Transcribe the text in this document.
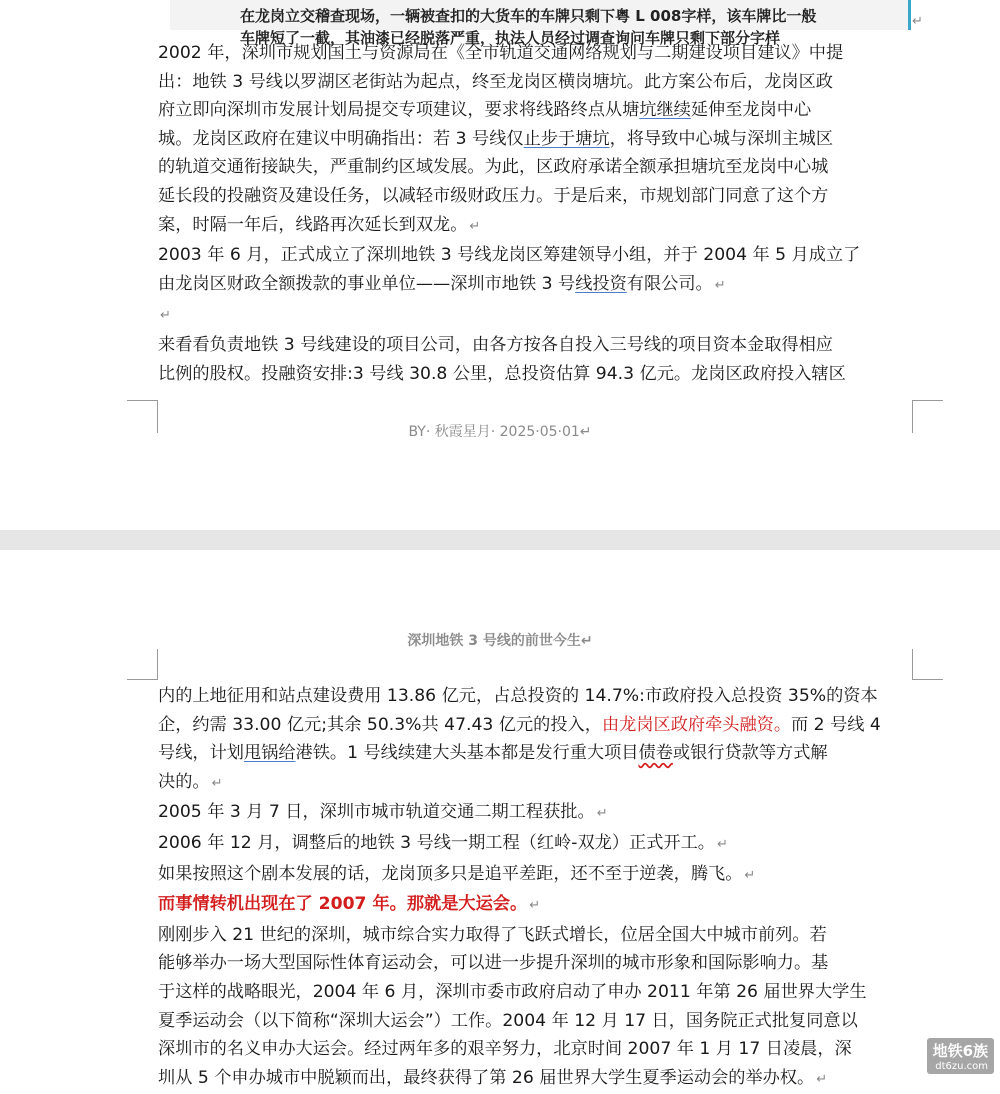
在龙岗立交稽查现场，一辆被查扣的大货车的车牌只剩下粤 L 008字样，该车牌比一般
车牌短了一截，其油漆已经脱落严重，执法人员经过调查询问车牌只剩下部分字样
↵

2002 年，深圳市规划国土与资源局在《全市轨道交通网络规划与二期建设项目建议》中提

出：地铁 3 号线以罗湖区老街站为起点，终至龙岗区横岗塘坑。此方案公布后，龙岗区政

府立即向深圳市发展计划局提交专项建议，要求将线路终点从塘坑继续延伸至龙岗中心

城。龙岗区政府在建议中明确指出：若 3 号线仅止步于塘坑，将导致中心城与深圳主城区

的轨道交通衔接缺失，严重制约区域发展。为此，区政府承诺全额承担塘坑至龙岗中心城

延长段的投融资及建设任务，以减轻市级财政压力。于是后来，市规划部门同意了这个方

案，时隔一年后，线路再次延长到双龙。 ↵

2003 年 6 月，正式成立了深圳地铁 3 号线龙岗区筹建领导小组，并于 2004 年 5 月成立了

由龙岗区财政全额拨款的事业单位——深圳市地铁 3 号线投资有限公司。 ↵

↵

来看看负责地铁 3 号线建设的项目公司，由各方按各自投入三号线的项目资本金取得相应

比例的股权。投融资安排:3 号线 30.8 公里，总投资估算 94.3 亿元。龙岗区政府投入辖区

BY· 秋霞星月· 2025·05·01↵
深圳地铁 3 号线的前世今生↵

内的上地征用和站点建设费用 13.86 亿元，占总投资的 14.7%:市政府投入总投资 35%的资本

企，约需 33.00 亿元;其余 50.3%共 47.43 亿元的投入，由龙岗区政府牵头融资。而 2 号线 4

号线，计划甩锅给港铁。1 号线续建大头基本都是发行重大项目债卷或银行贷款等方式解

决的。 ↵

2005 年 3 月 7 日，深圳市城市轨道交通二期工程获批。 ↵

2006 年 12 月，调整后的地铁 3 号线一期工程（红岭-双龙）正式开工。 ↵

如果按照这个剧本发展的话，龙岗顶多只是追平差距，还不至于逆袭，腾飞。 ↵

而事情转机出现在了 2007 年。那就是大运会。 ↵

刚刚步入 21 世纪的深圳，城市综合实力取得了飞跃式增长，位居全国大中城市前列。若

能够举办一场大型国际性体育运动会，可以进一步提升深圳的城市形象和国际影响力。基

于这样的战略眼光，2004 年 6 月，深圳市委市政府启动了申办 2011 年第 26 届世界大学生

夏季运动会（以下简称“深圳大运会”）工作。2004 年 12 月 17 日，国务院正式批复同意以

深圳市的名义申办大运会。经过两年多的艰辛努力，北京时间 2007 年 1 月 17 日凌晨，深

圳从 5 个申办城市中脱颖而出，最终获得了第 26 届世界大学生夏季运动会的举办权。 ↵

地铁6族
dt6zu.com
